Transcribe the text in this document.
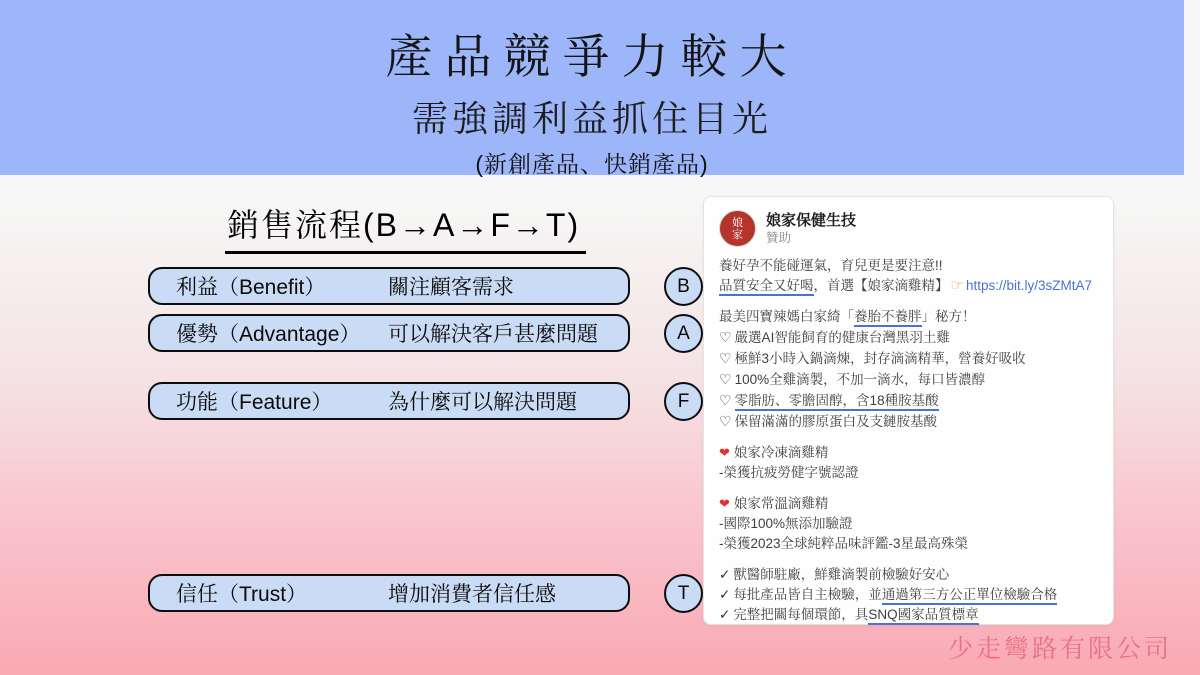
產品競爭力較大
需強調利益抓住目光
(新創產品、快銷產品)
銷售流程(B→A→F→T)
利益（Benefit）	關注顧客需求
優勢（Advantage）	可以解決客戶甚麼問題
功能（Feature）	為什麼可以解決問題
信任（Trust）	增加消費者信任感
B
A
F
T
娘
家
娘家保健生技
贊助
養好孕不能碰運氣，育兒更是要注意!!
品質安全又好喝，首選【娘家滴雞精】 ☞ https://bit.ly/3sZMtA7
最美四寶辣媽白家綺「養胎不養胖」秘方！
♡ 嚴選AI智能飼育的健康台灣黑羽土雞
♡ 極鮮3小時入鍋滴煉，封存滴滴精華，營養好吸收
♡ 100%全雞滴製，不加一滴水，每口皆濃醇
♡ 零脂肪、零膽固醇，含18種胺基酸
♡ 保留滿滿的膠原蛋白及支鏈胺基酸
❤ 娘家冷凍滴雞精
-榮獲抗疲勞健字號認證
❤ 娘家常溫滴雞精
-國際100%無添加驗證
-榮獲2023全球純粹品味評鑑-3星最高殊榮
✓ 獸醫師駐廠，鮮雞滴製前檢驗好安心
✓ 每批產品皆自主檢驗，並通過第三方公正單位檢驗合格
✓ 完整把關每個環節，具SNQ國家品質標章
少走彎路有限公司
